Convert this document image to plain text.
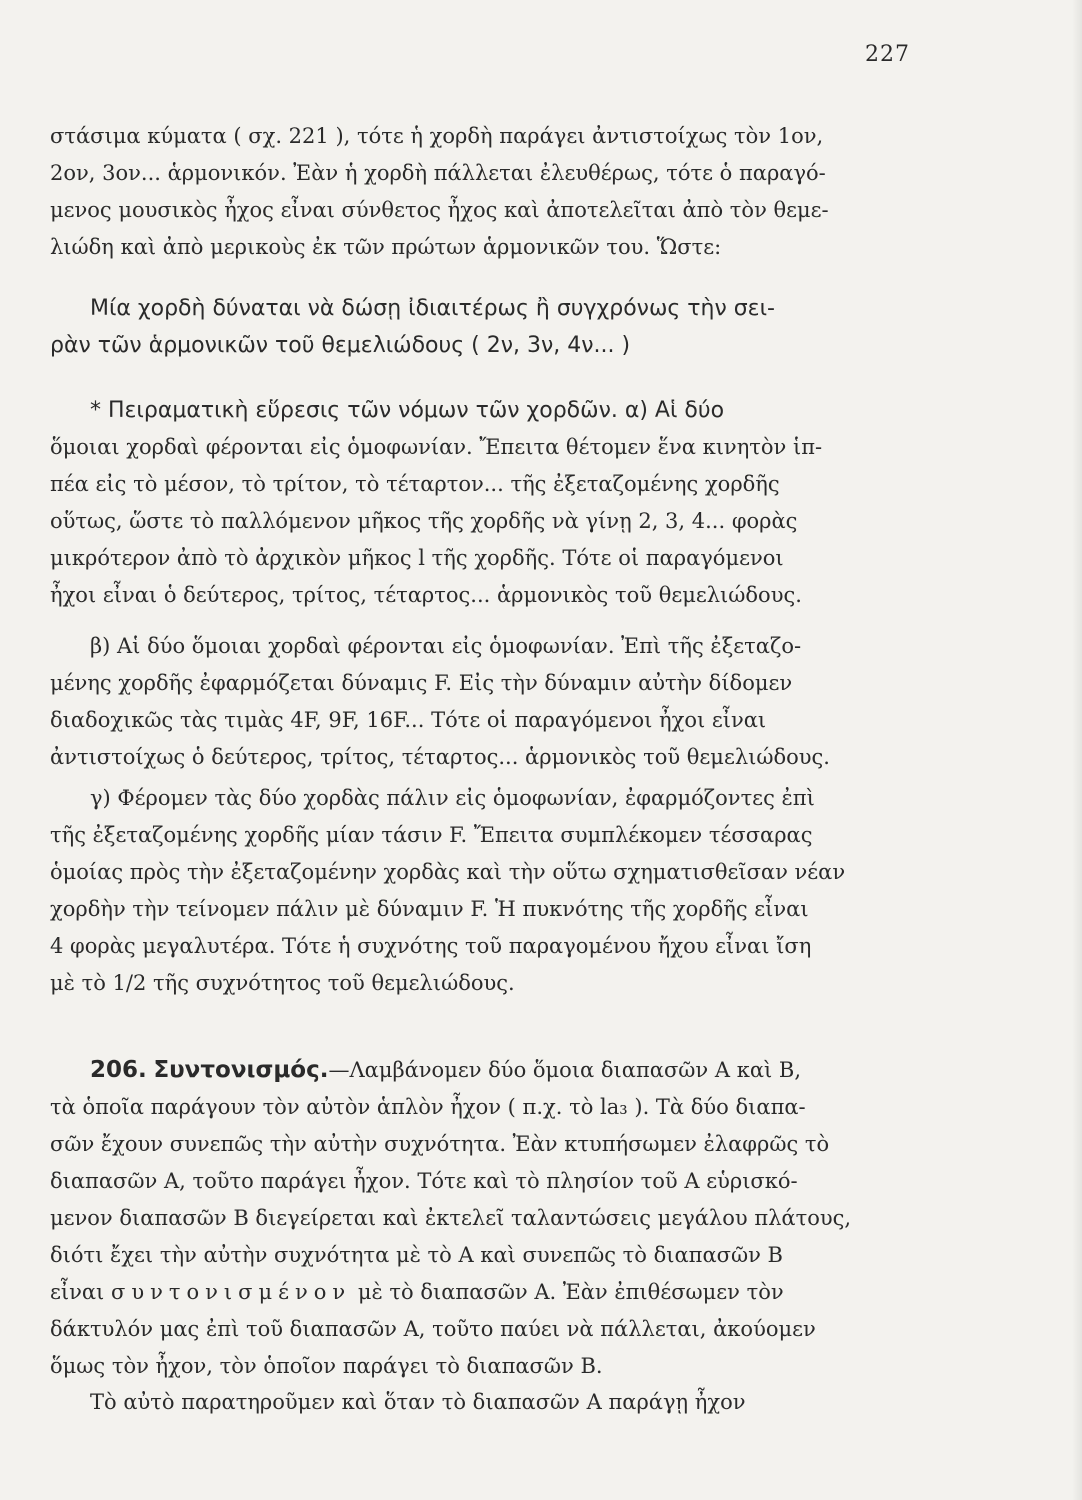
227
στάσιμα κύματα ( σχ. 221 ), τότε ἡ χορδὴ παράγει ἀντιστοίχως τὸν 1ον,
2ον, 3ον... ἁρμονικόν. Ἐὰν ἡ χορδὴ πάλλεται ἐλευθέρως, τότε ὁ παραγό-
μενος μουσικὸς ἦχος εἶναι σύνθετος ἦχος καὶ ἀποτελεῖται ἀπὸ τὸν θεμε-
λιώδη καὶ ἀπὸ μερικοὺς ἐκ τῶν πρώτων ἁρμονικῶν του. Ὥστε:
Μία χορδὴ δύναται νὰ δώσῃ ἰδιαιτέρως ἢ συγχρόνως τὴν σει-
ρὰν τῶν ἁρμονικῶν τοῦ θεμελιώδους ( 2ν, 3ν, 4ν... )
* Πειραματικὴ εὕρεσις τῶν νόμων τῶν χορδῶν. α) Αἱ δύο
ὅμοιαι χορδαὶ φέρονται εἰς ὁμοφωνίαν. Ἔπειτα θέτομεν ἕνα κινητὸν ἱπ-
πέα εἰς τὸ μέσον, τὸ τρίτον, τὸ τέταρτον... τῆς ἐξεταζομένης χορδῆς
οὕτως, ὥστε τὸ παλλόμενον μῆκος τῆς χορδῆς νὰ γίνῃ 2, 3, 4... φορὰς
μικρότερον ἀπὸ τὸ ἀρχικὸν μῆκος l τῆς χορδῆς. Τότε οἱ παραγόμενοι
ἦχοι εἶναι ὁ δεύτερος, τρίτος, τέταρτος... ἁρμονικὸς τοῦ θεμελιώδους.
β) Αἱ δύο ὅμοιαι χορδαὶ φέρονται εἰς ὁμοφωνίαν. Ἐπὶ τῆς ἐξεταζο-
μένης χορδῆς ἐφαρμόζεται δύναμις F. Εἰς τὴν δύναμιν αὐτὴν δίδομεν
διαδοχικῶς τὰς τιμὰς 4F, 9F, 16F... Τότε οἱ παραγόμενοι ἦχοι εἶναι
ἀντιστοίχως ὁ δεύτερος, τρίτος, τέταρτος... ἁρμονικὸς τοῦ θεμελιώδους.
γ) Φέρομεν τὰς δύο χορδὰς πάλιν εἰς ὁμοφωνίαν, ἐφαρμόζοντες ἐπὶ
τῆς ἐξεταζομένης χορδῆς μίαν τάσιν F. Ἔπειτα συμπλέκομεν τέσσαρας
ὁμοίας πρὸς τὴν ἐξεταζομένην χορδὰς καὶ τὴν οὕτω σχηματισθεῖσαν νέαν
χορδὴν τὴν τείνομεν πάλιν μὲ δύναμιν F. Ἡ πυκνότης τῆς χορδῆς εἶναι
4 φορὰς μεγαλυτέρα. Τότε ἡ συχνότης τοῦ παραγομένου ἤχου εἶναι ἴση
μὲ τὸ 1/2 τῆς συχνότητος τοῦ θεμελιώδους.
206. Συντονισμός.—Λαμβάνομεν δύο ὅμοια διαπασῶν Α καὶ Β,
τὰ ὁποῖα παράγουν τὸν αὐτὸν ἁπλὸν ἦχον ( π.χ. τὸ la₃ ). Τὰ δύο διαπα-
σῶν ἔχουν συνεπῶς τὴν αὐτὴν συχνότητα. Ἐὰν κτυπήσωμεν ἐλαφρῶς τὸ
διαπασῶν Α, τοῦτο παράγει ἦχον. Τότε καὶ τὸ πλησίον τοῦ Α εὑρισκό-
μενον διαπασῶν Β διεγείρεται καὶ ἐκτελεῖ ταλαντώσεις μεγάλου πλάτους,
διότι ἔχει τὴν αὐτὴν συχνότητα μὲ τὸ Α καὶ συνεπῶς τὸ διαπασῶν Β
εἶναι συντονισμένον μὲ τὸ διαπασῶν Α. Ἐὰν ἐπιθέσωμεν τὸν
δάκτυλόν μας ἐπὶ τοῦ διαπασῶν Α, τοῦτο παύει νὰ πάλλεται, ἀκούομεν
ὅμως τὸν ἦχον, τὸν ὁποῖον παράγει τὸ διαπασῶν Β.
Τὸ αὐτὸ παρατηροῦμεν καὶ ὅταν τὸ διαπασῶν Α παράγῃ ἦχον
